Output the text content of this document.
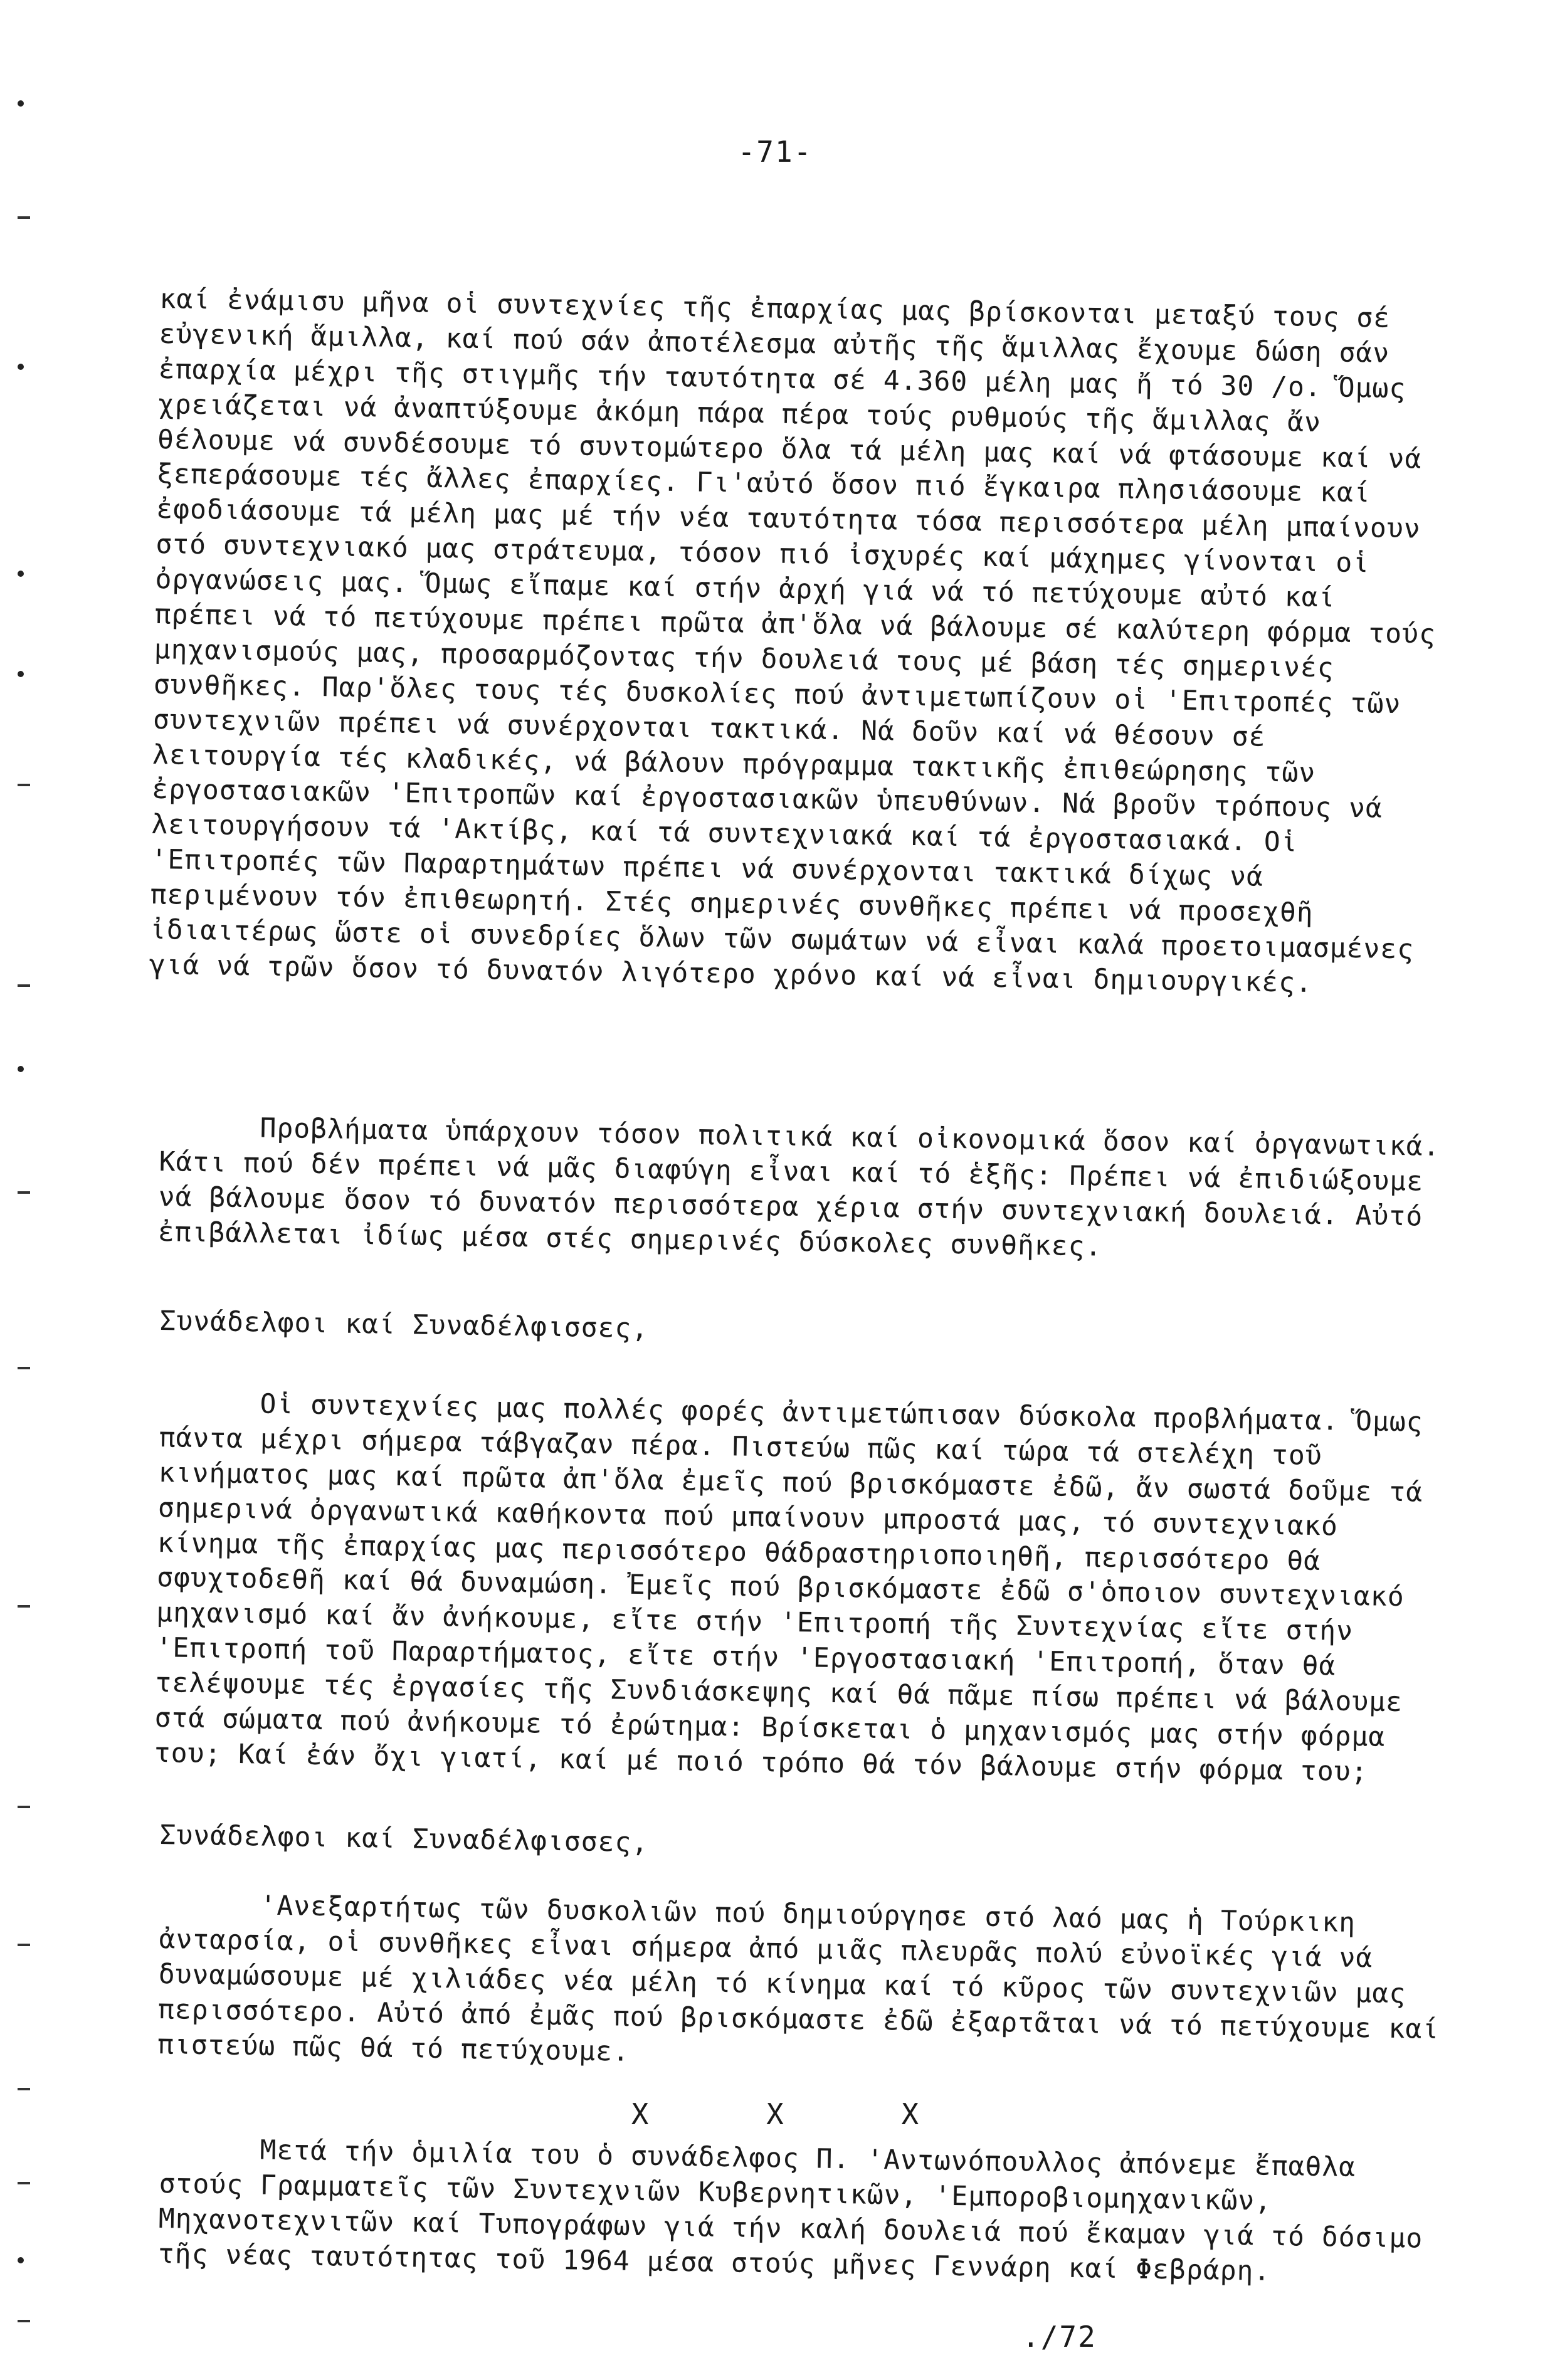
-71-

καί ἐνάμισυ μῆνα οἱ συντεχνίες τῆς ἐπαρχίας μας βρίσκονται μεταξύ τους σέ εὐγενική ἅμιλλα, καί πού σάν ἀποτέλεσμα αὐτῆς τῆς ἅμιλλας ἔχουμε δώση σάν ἐπαρχία μέχρι τῆς στιγμῆς τήν ταυτότητα σέ 4.360 μέλη μας ἤ τό 30 /ο. Ὅμως χρειάζεται νά ἀναπτύξουμε ἀκόμη πάρα πέρα τούς ρυθμούς τῆς ἅμιλλας ἄν θέλουμε νά συνδέσουμε τό συντομώτερο ὅλα τά μέλη μας καί νά φτάσουμε καί νά ξεπεράσουμε τές ἄλλες ἐπαρχίες. Γι'αὐτό ὅσον πιό ἔγκαιρα πλησιάσουμε καί ἐφοδιάσουμε τά μέλη μας μέ τήν νέα ταυτότητα τόσα περισσότερα μέλη μπαίνουν στό συντεχνιακό μας στράτευμα, τόσον πιό ἰσχυρές καί μάχημες γίνονται οἱ ὀργανώσεις μας. Ὅμως εἴπαμε καί στήν ἀρχή γιά νά τό πετύχουμε αὐτό καί πρέπει νά τό πετύχουμε πρέπει πρῶτα ἀπ'ὅλα νά βάλουμε σέ καλύτερη φόρμα τούς μηχανισμούς μας, προσαρμόζοντας τήν δουλειά τους μέ βάση τές σημερινές συνθῆκες. Παρ'ὅλες τους τές δυσκολίες πού ἀντιμετωπίζουν οἱ 'Επιτροπές τῶν συντεχνιῶν πρέπει νά συνέρχονται τακτικά. Νά δοῦν καί νά θέσουν σέ λειτουργία τές κλαδικές, νά βάλουν πρόγραμμα τακτικῆς ἐπιθεώρησης τῶν ἐργοστασιακῶν 'Επιτροπῶν καί ἐργοστασιακῶν ὑπευθύνων. Νά βροῦν τρόπους νά λειτουργήσουν τά 'Ακτίβς, καί τά συντεχνιακά καί τά ἐργοστασιακά. Οἱ 'Επιτροπές τῶν Παραρτημάτων πρέπει νά συνέρχονται τακτικά δίχως νά περιμένουν τόν ἐπιθεωρητή. Στές σημερινές συνθῆκες πρέπει νά προσεχθῆ ἰδιαιτέρως ὥστε οἱ συνεδρίες ὅλων τῶν σωμάτων νά εἶναι καλά προετοιμασμένες γιά νά τρῶν ὅσον τό δυνατόν λιγότερο χρόνο καί νά εἶναι δημιουργικές.

Προβλήματα ὑπάρχουν τόσον πολιτικά καί οἰκονομικά ὅσον καί ὀργανωτικά. Κάτι πού δέν πρέπει νά μᾶς διαφύγη εἶναι καί τό ἑξῆς: Πρέπει νά ἐπιδιώξουμε νά βάλουμε ὅσον τό δυνατόν περισσότερα χέρια στήν συντεχνιακή δουλειά. Αὐτό ἐπιβάλλεται ἰδίως μέσα στές σημερινές δύσκολες συνθῆκες.

Συνάδελφοι καί Συναδέλφισσες,

Οἱ συντεχνίες μας πολλές φορές ἀντιμετώπισαν δύσκολα προβλήματα. Ὅμως πάντα μέχρι σήμερα τάβγαζαν πέρα. Πιστεύω πῶς καί τώρα τά στελέχη τοῦ κινήματος μας καί πρῶτα ἀπ'ὅλα ἐμεῖς πού βρισκόμαστε ἐδῶ, ἄν σωστά δοῦμε τά σημερινά ὀργανωτικά καθήκοντα πού μπαίνουν μπροστά μας, τό συντεχνιακό κίνημα τῆς ἐπαρχίας μας περισσότερο θάδραστηριοποιηθῆ, περισσότερο θά σφυχτοδεθῆ καί θά δυναμώση. Ἐμεῖς πού βρισκόμαστε ἐδῶ σ'ὁποιον συντεχνιακό μηχανισμό καί ἄν ἀνήκουμε, εἴτε στήν 'Επιτροπή τῆς Συντεχνίας εἴτε στήν 'Επιτροπή τοῦ Παραρτήματος, εἴτε στήν 'Εργοστασιακή 'Επιτροπή, ὅταν θά τελέψουμε τές ἐργασίες τῆς Συνδιάσκεψης καί θά πᾶμε πίσω πρέπει νά βάλουμε στά σώματα πού ἀνήκουμε τό ἐρώτημα: Βρίσκεται ὁ μηχανισμός μας στήν φόρμα του; Καί ἐάν ὄχι γιατί, καί μέ ποιό τρόπο θά τόν βάλουμε στήν φόρμα του;

Συνάδελφοι καί Συναδέλφισσες,

'Ανεξαρτήτως τῶν δυσκολιῶν πού δημιούργησε στό λαό μας ἡ Τούρκικη ἀνταρσία, οἱ συνθῆκες εἶναι σήμερα ἀπό μιᾶς πλευρᾶς πολύ εὐνοϊκές γιά νά δυναμώσουμε μέ χιλιάδες νέα μέλη τό κίνημα καί τό κῦρος τῶν συντεχνιῶν μας περισσότερο. Αὐτό ἀπό ἐμᾶς πού βρισκόμαστε ἐδῶ ἐξαρτᾶται νά τό πετύχουμε καί πιστεύω πῶς θά τό πετύχουμε.

X X X

Μετά τήν ὁμιλία του ὁ συνάδελφος Π. 'Αντωνόπουλλος ἀπόνεμε ἔπαθλα στούς Γραμματεῖς τῶν Συντεχνιῶν Κυβερνητικῶν, 'Εμποροβιομηχανικῶν, Μηχανοτεχνιτῶν καί Τυπογράφων γιά τήν καλή δουλειά πού ἔκαμαν γιά τό δόσιμο τῆς νέας ταυτότητας τοῦ 1964 μέσα στούς μῆνες Γεννάρη καί Φεβράρη.

./72
